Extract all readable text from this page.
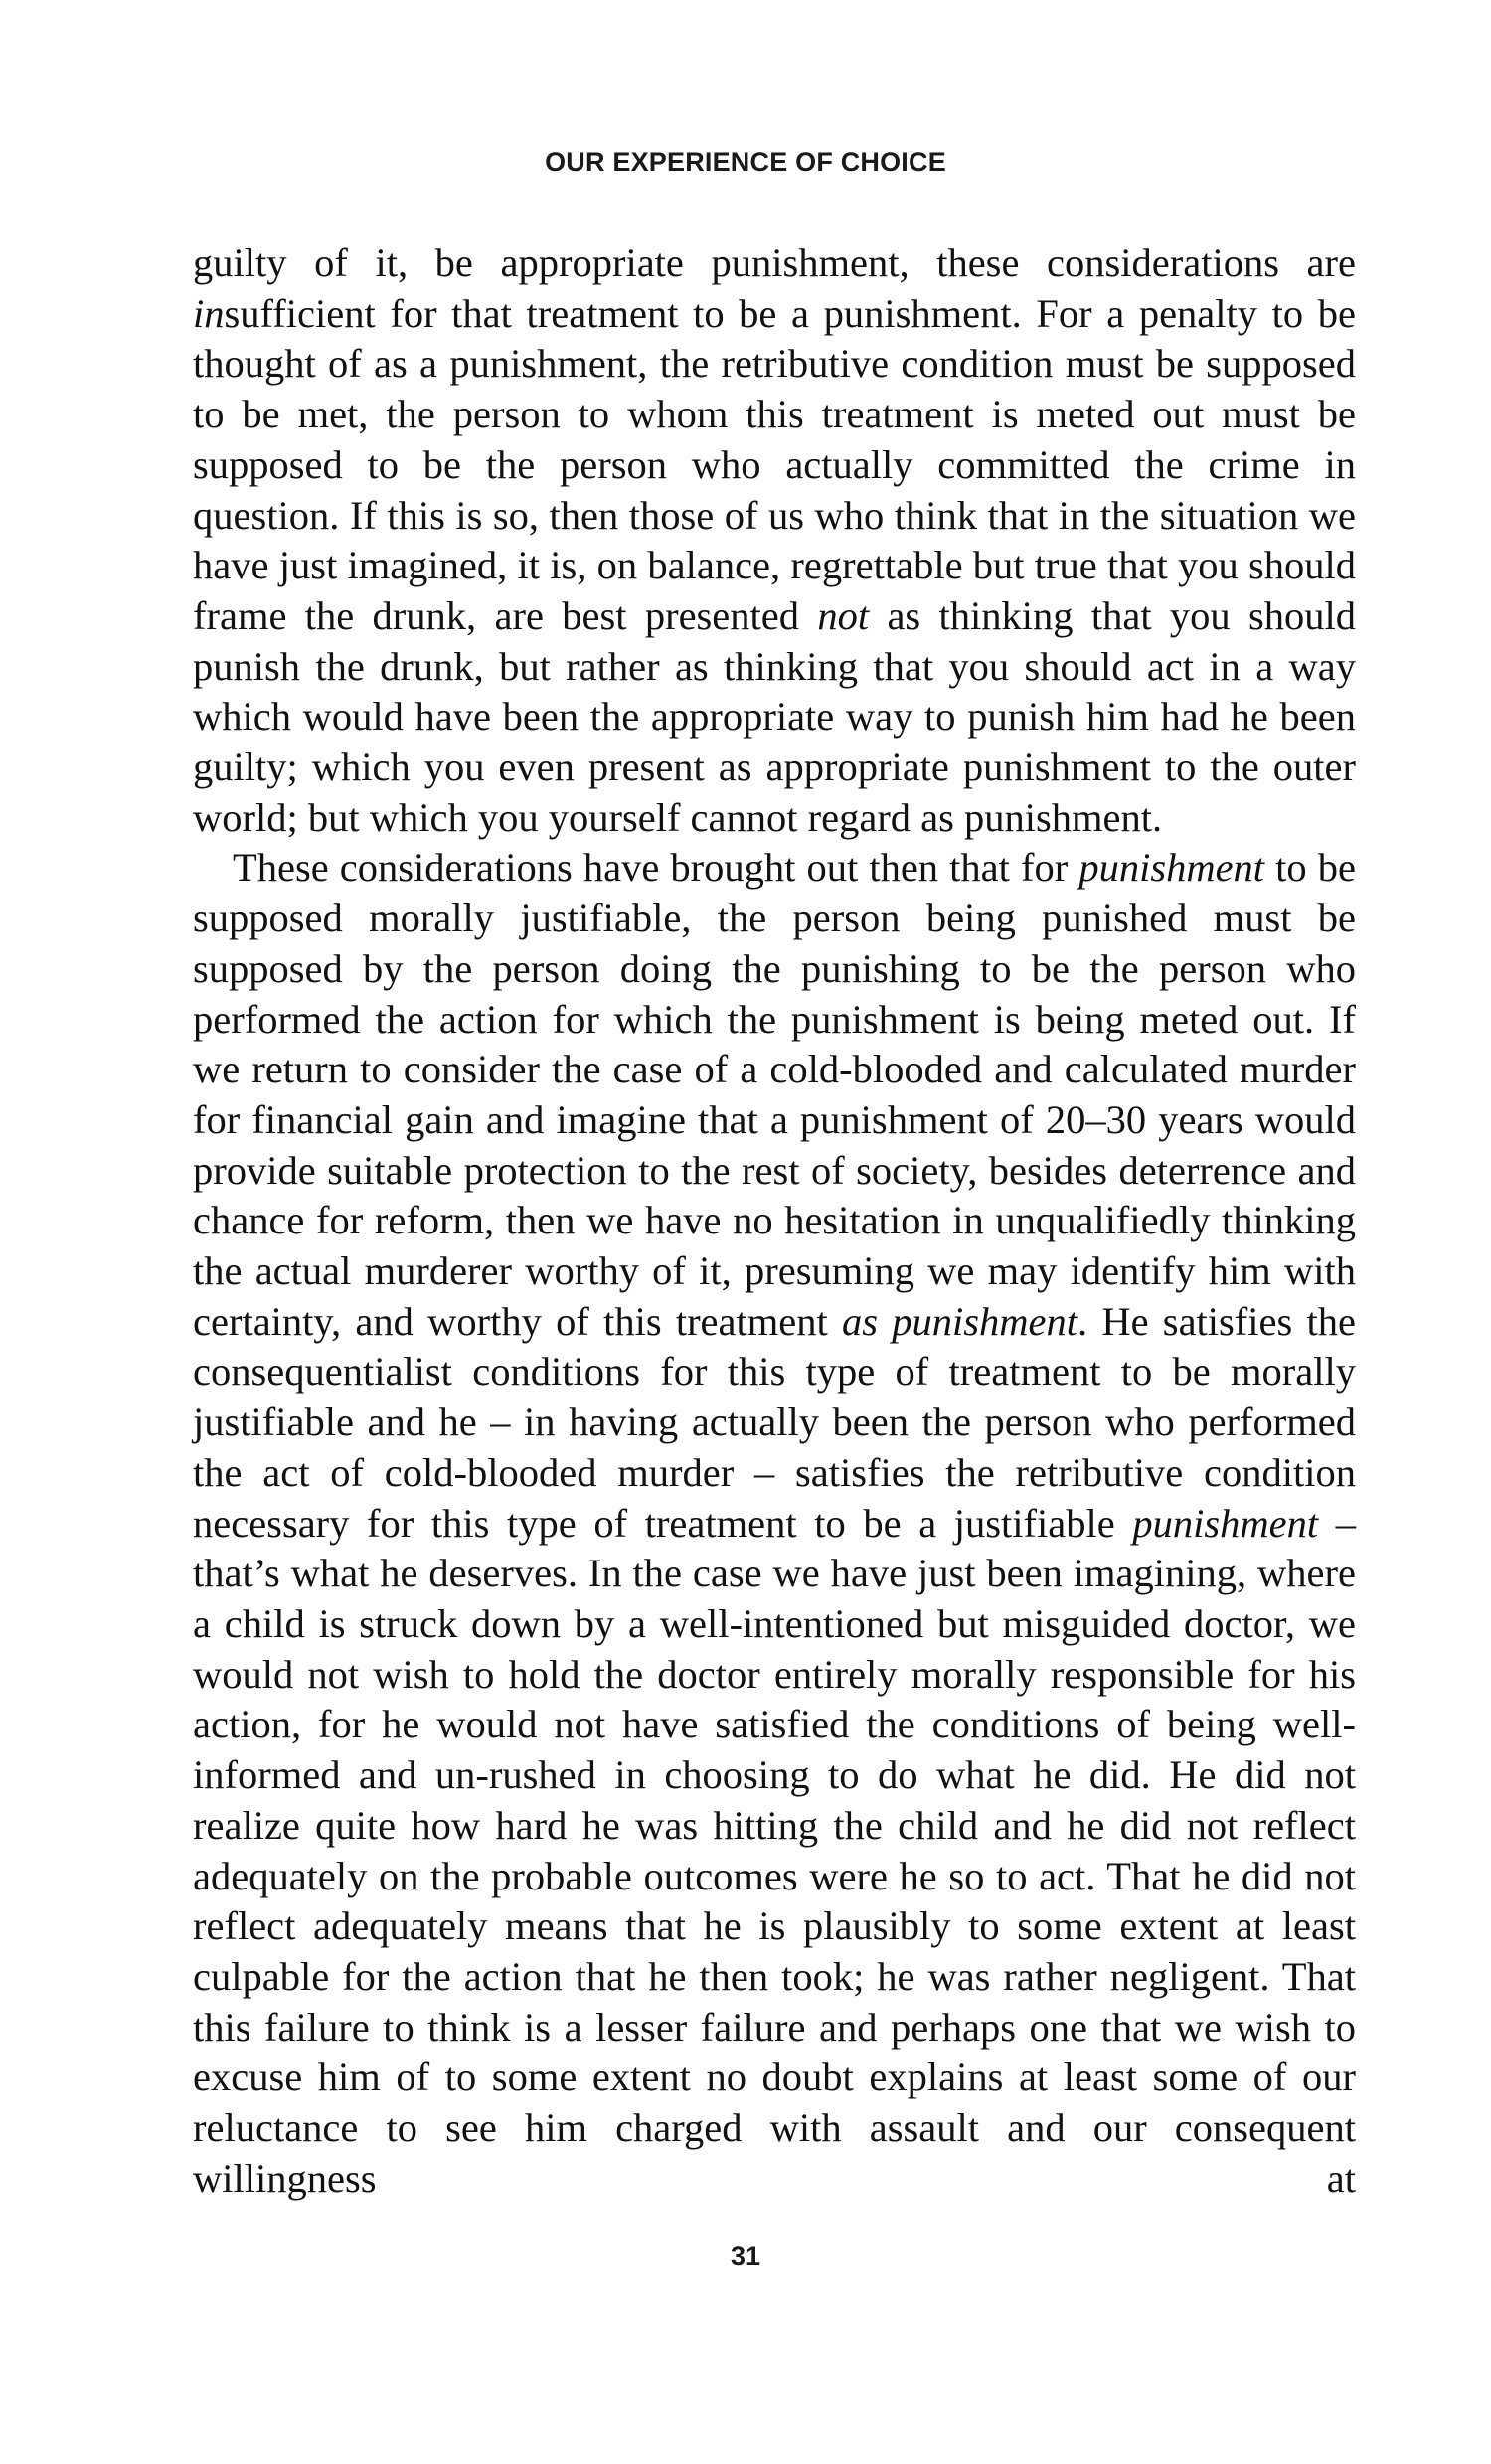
OUR EXPERIENCE OF CHOICE

guilty of it, be appropriate punishment, these considerations are insufficient for that treatment to be a punishment. For a penalty to be thought of as a punishment, the retributive condition must be supposed to be met, the person to whom this treatment is meted out must be supposed to be the person who actually committed the crime in question. If this is so, then those of us who think that in the situation we have just imagined, it is, on balance, regrettable but true that you should frame the drunk, are best presented not as thinking that you should punish the drunk, but rather as thinking that you should act in a way which would have been the appropriate way to punish him had he been guilty; which you even present as appropriate punishment to the outer world; but which you yourself cannot regard as punishment.

These considerations have brought out then that for punishment to be supposed morally justifiable, the person being punished must be supposed by the person doing the punishing to be the person who performed the action for which the punishment is being meted out. If we return to consider the case of a cold-blooded and calculated murder for financial gain and imagine that a punishment of 20–30 years would provide suitable protection to the rest of society, besides deterrence and chance for reform, then we have no hesitation in unqualifiedly thinking the actual murderer worthy of it, presuming we may identify him with certainty, and worthy of this treatment as punishment. He satisfies the consequentialist conditions for this type of treatment to be morally justifiable and he – in having actually been the person who performed the act of cold-blooded murder – satisfies the retributive condition necessary for this type of treatment to be a justifiable punishment – that’s what he deserves. In the case we have just been imagining, where a child is struck down by a well-intentioned but misguided doctor, we would not wish to hold the doctor entirely morally responsible for his action, for he would not have satisfied the conditions of being well-informed and un-rushed in choosing to do what he did. He did not realize quite how hard he was hitting the child and he did not reflect adequately on the probable outcomes were he so to act. That he did not reflect adequately means that he is plausibly to some extent at least culpable for the action that he then took; he was rather negligent. That this failure to think is a lesser failure and perhaps one that we wish to excuse him of to some extent no doubt explains at least some of our reluctance to see him charged with assault and our consequent willingness at

31
